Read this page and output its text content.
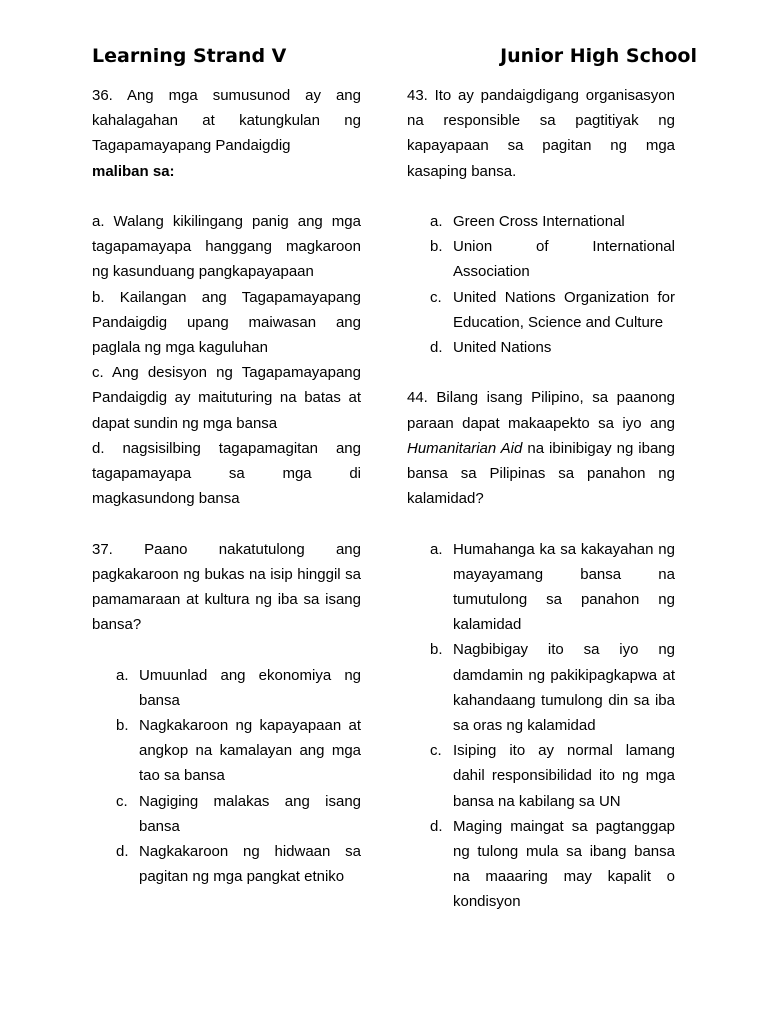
Learning Strand V	Junior High School

36. Ang mga sumusunod ay ang kahalagahan at katungkulan ng Tagapamayapang Pandaigdig
maliban sa:

a. Walang kikilingang panig ang mga tagapamayapa hanggang magkaroon ng kasunduang pangkapayapaan

b. Kailangan ang Tagapamayapang Pandaigdig upang maiwasan ang paglala ng mga kaguluhan

c. Ang desisyon ng Tagapamayapang Pandaigdig ay maituturing na batas at dapat sundin ng mga bansa

d. nagsisilbing tagapamagitan ang tagapamayapa sa mga di magkasundong bansa

37. Paano nakatutulong ang pagkakaroon ng bukas na isip hinggil sa pamamaraan at kultura ng iba sa isang bansa?

a. Umuunlad ang ekonomiya ng bansa
b. Nagkakaroon ng kapayapaan at angkop na kamalayan ang mga tao sa bansa
c. Nagiging malakas ang isang bansa
d. Nagkakaroon ng hidwaan sa pagitan ng mga pangkat etniko

43. Ito ay pandaigdigang organisasyon na responsible sa pagtitiyak ng kapayapaan sa pagitan ng mga kasaping bansa.

a. Green Cross International
b. Union of International Association
c. United Nations Organization for Education, Science and Culture
d. United Nations

44. Bilang isang Pilipino, sa paanong paraan dapat makaapekto sa iyo ang Humanitarian Aid na ibinibigay ng ibang bansa sa Pilipinas sa panahon ng kalamidad?

a. Humahanga ka sa kakayahan ng mayayamang bansa na tumutulong sa panahon ng kalamidad
b. Nagbibigay ito sa iyo ng damdamin ng pakikipagkapwa at kahandaang tumulong din sa iba sa oras ng kalamidad
c. Isiping ito ay normal lamang dahil responsibilidad ito ng mga bansa na kabilang sa UN
d. Maging maingat sa pagtanggap ng tulong mula sa ibang bansa na maaaring may kapalit o kondisyon
